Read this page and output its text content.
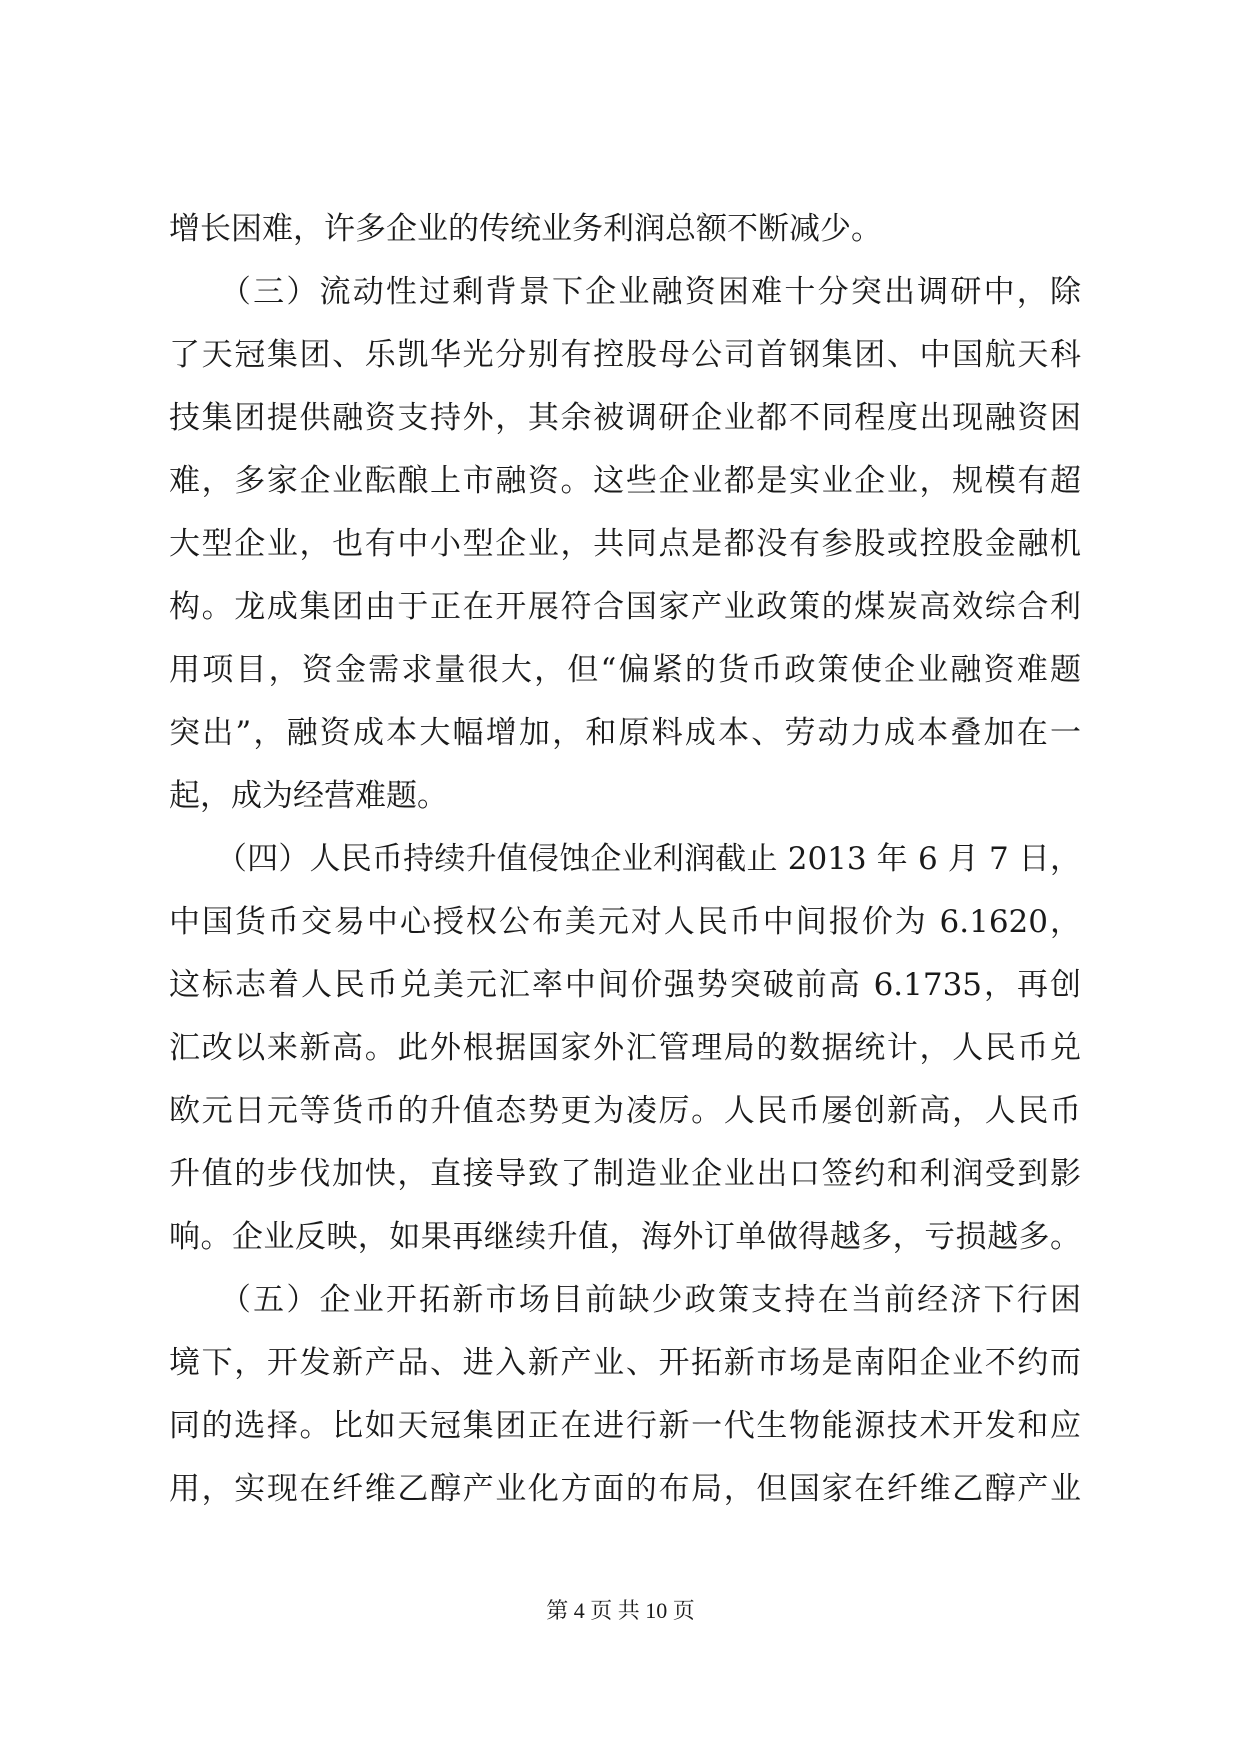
增长困难，许多企业的传统业务利润总额不断减少。
　　（三）流动性过剩背景下企业融资困难十分突出调研中，除
了天冠集团、乐凯华光分别有控股母公司首钢集团、中国航天科
技集团提供融资支持外，其余被调研企业都不同程度出现融资困
难，多家企业酝酿上市融资。这些企业都是实业企业，规模有超
大型企业，也有中小型企业，共同点是都没有参股或控股金融机
构。龙成集团由于正在开展符合国家产业政策的煤炭高效综合利
用项目，资金需求量很大，但“偏紧的货币政策使企业融资难题
突出”，融资成本大幅增加，和原料成本、劳动力成本叠加在一
起，成为经营难题。
　　（四）人民币持续升值侵蚀企业利润截止 2013 年 6 月 7 日，
中国货币交易中心授权公布美元对人民币中间报价为 6.1620，
这标志着人民币兑美元汇率中间价强势突破前高 6.1735，再创
汇改以来新高。此外根据国家外汇管理局的数据统计，人民币兑
欧元日元等货币的升值态势更为凌厉。人民币屡创新高，人民币
升值的步伐加快，直接导致了制造业企业出口签约和利润受到影
响。企业反映，如果再继续升值，海外订单做得越多，亏损越多。
　　（五）企业开拓新市场目前缺少政策支持在当前经济下行困
境下，开发新产品、进入新产业、开拓新市场是南阳企业不约而
同的选择。比如天冠集团正在进行新一代生物能源技术开发和应
用，实现在纤维乙醇产业化方面的布局，但国家在纤维乙醇产业
第 4 页 共 10 页
